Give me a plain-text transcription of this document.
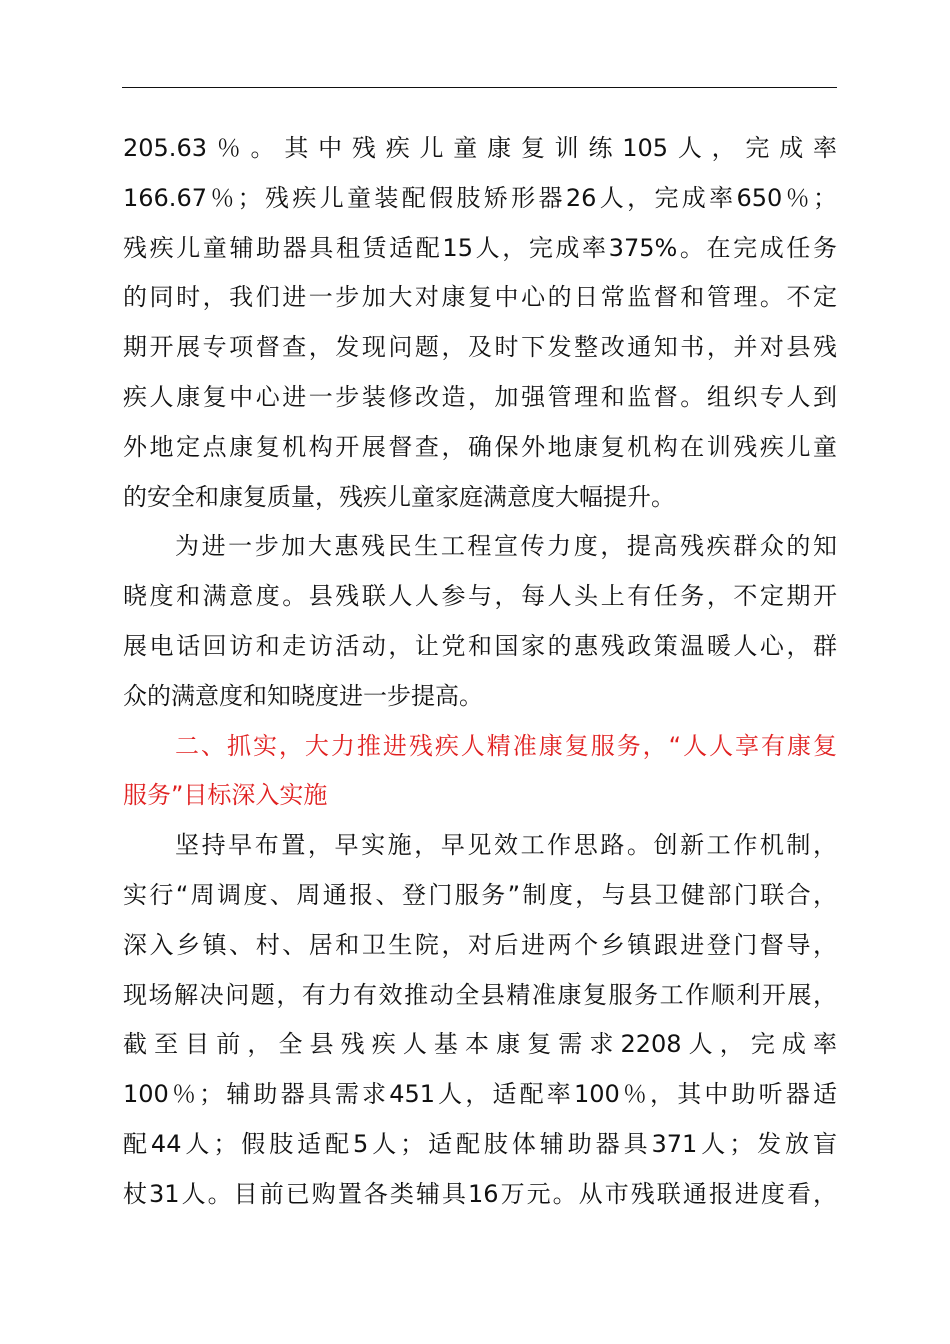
205.63％。其中残疾儿童康复训练105人，完成率
166.67％；残疾儿童装配假肢矫形器26人，完成率650％；
残疾儿童辅助器具租赁适配15人，完成率375%。在完成任务
的同时，我们进一步加大对康复中心的日常监督和管理。不定
期开展专项督查，发现问题，及时下发整改通知书，并对县残
疾人康复中心进一步装修改造，加强管理和监督。组织专人到
外地定点康复机构开展督查，确保外地康复机构在训残疾儿童
的安全和康复质量，残疾儿童家庭满意度大幅提升。
为进一步加大惠残民生工程宣传力度，提高残疾群众的知
晓度和满意度。县残联人人参与，每人头上有任务，不定期开
展电话回访和走访活动，让党和国家的惠残政策温暖人心，群
众的满意度和知晓度进一步提高。
二、抓实，大力推进残疾人精准康复服务，“人人享有康复
服务”目标深入实施
坚持早布置，早实施，早见效工作思路。创新工作机制，
实行“周调度、周通报、登门服务”制度，与县卫健部门联合，
深入乡镇、村、居和卫生院，对后进两个乡镇跟进登门督导，
现场解决问题，有力有效推动全县精准康复服务工作顺利开展，
截至目前，全县残疾人基本康复需求2208人，完成率
100％；辅助器具需求451人，适配率100％，其中助听器适
配44人；假肢适配5人；适配肢体辅助器具371人；发放盲
杖31人。目前已购置各类辅具16万元。从市残联通报进度看，
